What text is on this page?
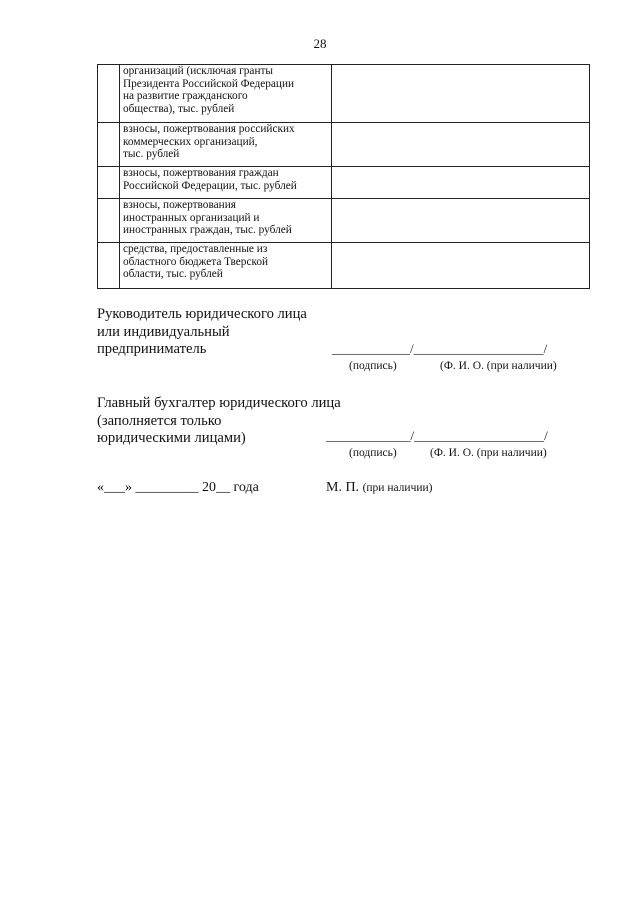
28

	организаций (исключая гранты
Президента Российской Федерации
на развитие гражданского
общества), тыс. рублей	

	взносы, пожертвования российских
коммерческих организаций,
тыс. рублей	

	взносы, пожертвования граждан
Российской Федерации, тыс. рублей	

	взносы, пожертвования
иностранных организаций и
иностранных граждан, тыс. рублей	

	средства, предоставленные из
областного бюджета Тверской
области, тыс. рублей	

Руководитель юридического лица
или индивидуальный
предприниматель	____________/____________________/
(подпись)	(Ф. И. О. (при наличии)
Главный бухгалтер юридического лица
(заполняется только
юридическими лицами)	_____________/____________________/
(подпись)	(Ф. И. О. (при наличии)
«___» _________ 20__ года	М. П. (при наличии)
